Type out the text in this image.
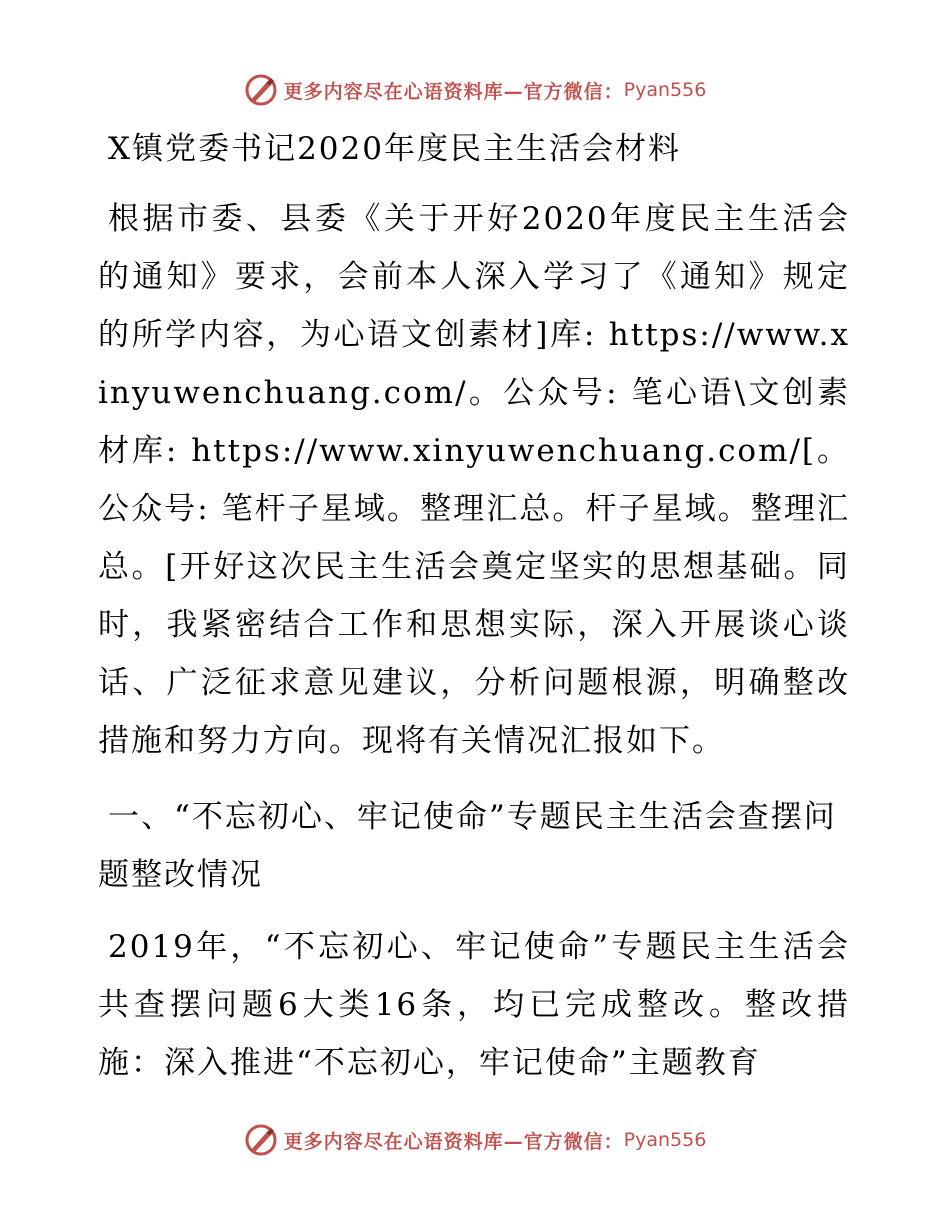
更多内容尽在心语资料库—官方微信： Pyan556
X镇党委书记2020年度民主生活会材料

根据市委、县委《关于开好2020年度民主生活会的通知》要求，会前本人深入学习了《通知》规定的所学内容，为心语文创素材]库: https://www.xinyuwenchuang.com/。公众号: 笔心语\文创素材库: https://www.xinyuwenchuang.com/[。公众号: 笔杆子星域。整理汇总。杆子星域。整理汇总。[开好这次民主生活会奠定坚实的思想基础。同时，我紧密结合工作和思想实际，深入开展谈心谈话、广泛征求意见建议，分析问题根源，明确整改措施和努力方向。现将有关情况汇报如下。

一、“不忘初心、牢记使命”专题民主生活会查摆问题整改情况

2019年，“不忘初心、牢记使命”专题民主生活会共查摆问题6大类16条，均已完成整改。整改措施：深入推进“不忘初心，牢记使命”主题教育

更多内容尽在心语资料库—官方微信： Pyan556
